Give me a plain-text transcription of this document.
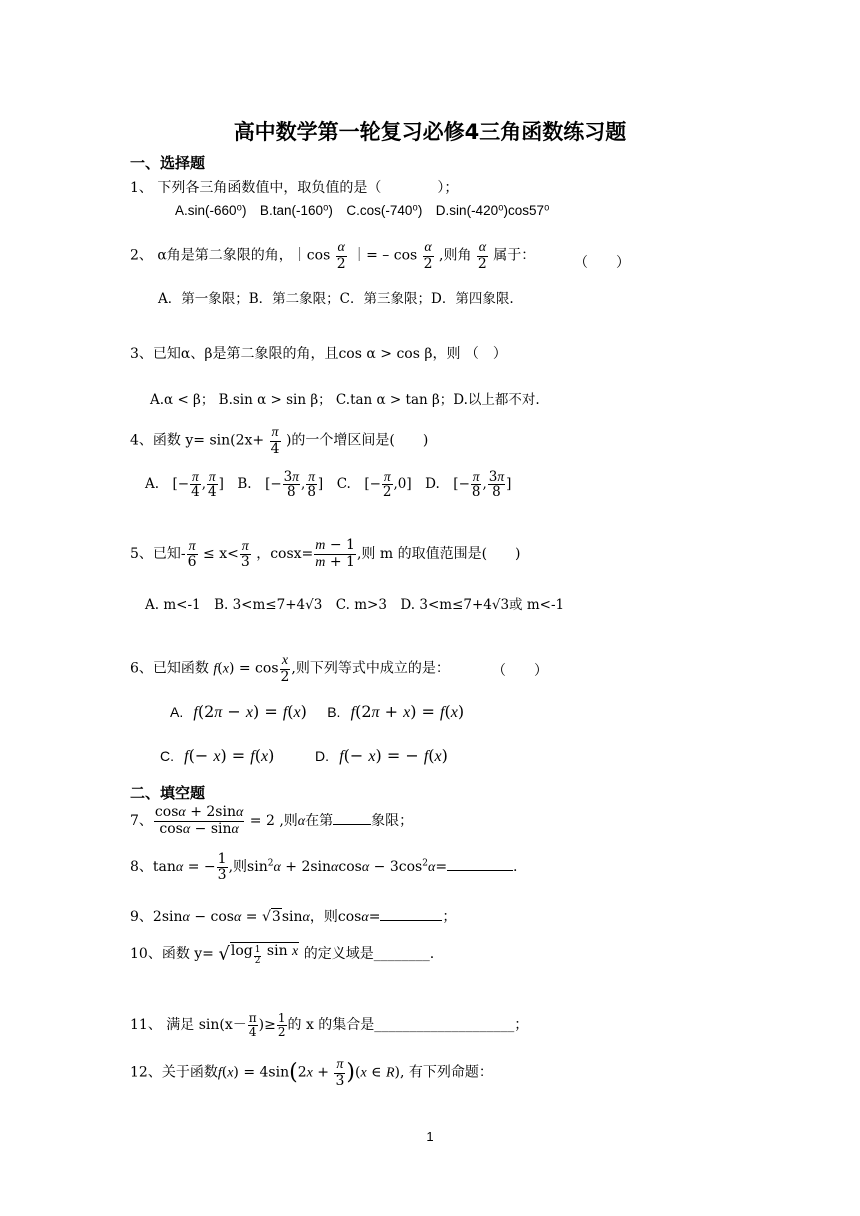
高中数学第一轮复习必修4三角函数练习题
一、选择题
1、 下列各三角函数值中，取负值的是（　　　　）；
A.sin(-660⁰)　B.tan(-160⁰)　C.cos(-740⁰)　D.sin(-420⁰)cos57⁰
2、 α角是第二象限的角，｜cos $\frac{\alpha}{2}$ ｜= – $\cos \frac{\alpha}{2}$ ,则角 $\frac{\alpha}{2}$ 属于：	（　　）
A．第一象限；B．第二象限；C．第三象限；D．第四象限.
3、已知α、β是第二象限的角，且cos α > cos β，则 （　）
A.α < β； B.sin α > sin β； C.tan α > tan β；D.以上都不对.
4、函数 $y= \sin(2x+ \frac{\pi}{4}$ )的一个增区间是(　　)
A.　[− $\frac{\pi}{4}$ , $\frac{\pi}{4}$ ]　B.　[− $\frac{3\pi}{8}$ , $\frac{\pi}{8}$ ]　C.　[− $\frac{\pi}{2} ,0$]　D.　[− $\frac{\pi}{8}$ , $\frac{3\pi}{8}$ ]
5、已知- $\frac{\pi}{6} \le x< \frac{\pi}{3}$ ，$\cos x= \frac{m - 1}{m + 1}$ ,则 m 的取值范围是(　　)
A. m<-1　B. 3<m≤7+4√3　C. m>3　D. 3<m≤7+4√3或 m<-1
6、已知函数 $f(x) = \cos \frac{x}{2}$ ,则下列等式中成立的是：	（　　）
A. f(2π − x) = f(x)    B. f(2π + x) = f(x)
C. f(− x) = f(x)        D. f(− x) = − f(x)
二、填空题
7、 $\frac{\cos\alpha + 2\sin\alpha}{\cos\alpha - \sin\alpha} = 2$ ,则α在第	象限；
8、tanα = − $\frac{1}{3}$ ,则$\sin^2\alpha + 2\sin\alpha\cos\alpha - 3\cos^2\alpha=$	.
9、2sinα − cosα = √3sinα，则cosα=	；
10、函数 y= √log $_{\frac{1}{2}}$ sin x 的定义域是________.
11、 满足 $\sin(x- \frac{\pi}{4}$ )≥ $\frac{1}{2}$ 的 x 的集合是____________________；
12、关于函数$f(x) = 4\sin(2x + \frac{\pi}{3} )(x$ ∈ R), 有下列命题：
1
